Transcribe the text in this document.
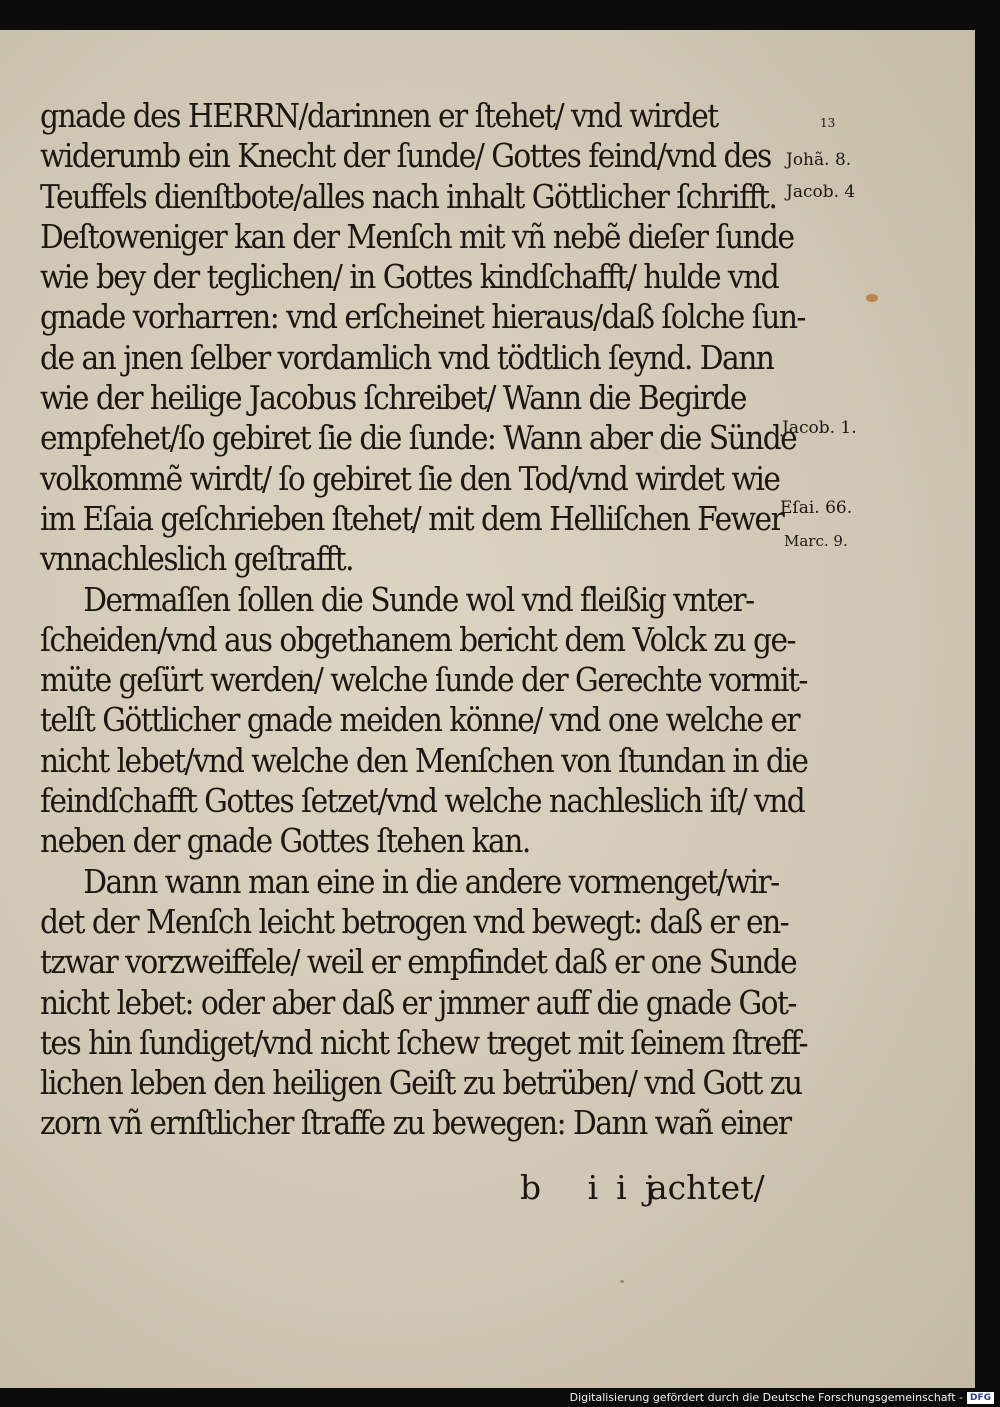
gnade des HERRN/darinnen er ſtehet/ vnd wirdet
widerumb ein Knecht der ſunde/ Gottes feind/vnd des
Teuffels dienſtbote/alles nach inhalt Göttlicher ſchrifft.
Deſtoweniger kan der Menſch mit vñ nebẽ dieſer ſunde
wie bey der teglichen/ in Gottes kindſchafft/ hulde vnd
gnade vorharren: vnd erſcheinet hieraus/daß ſolche ſun-
de an jnen ſelber vordamlich vnd tödtlich ſeynd. Dann
wie der heilige Jacobus ſchreibet/ Wann die Begirde
empfehet/ſo gebiret ſie die ſunde: Wann aber die Sünde
volkommẽ wirdt/ ſo gebiret ſie den Tod/vnd wirdet wie
im Eſaia geſchrieben ſtehet/ mit dem Helliſchen Fewer
vnnachleslich geſtrafft.
Dermaſſen ſollen die Sunde wol vnd fleißig vnter-
ſcheiden/vnd aus obgethanem bericht dem Volck zu ge-
müte geſürt werden/ welche ſunde der Gerechte vormit-
telſt Göttlicher gnade meiden könne/ vnd one welche er
nicht lebet/vnd welche den Menſchen von ſtundan in die
feindſchafft Gottes ſetzet/vnd welche nachleslich iſt/ vnd
neben der gnade Gottes ſtehen kan.
Dann wann man eine in die andere vormenget/wir-
det der Menſch leicht betrogen vnd bewegt: daß er en-
tzwar vorzweiffele/ weil er empfindet daß er one Sunde
nicht lebet: oder aber daß er jmmer auff die gnade Got-
tes hin ſundiget/vnd nicht ſchew treget mit ſeinem ſtreff-
lichen leben den heiligen Geiſt zu betrüben/ vnd Gott zu
zorn vñ ernſtlicher ſtraffe zu bewegen: Dann wañ einer
b iij
achtet/
13
Johã. 8.
Jacob. 4
Jacob. 1.
Eſai. 66.
Marc. 9.
Digitalisierung gefördert durch die Deutsche Forschungsgemeinschaft - DFG
